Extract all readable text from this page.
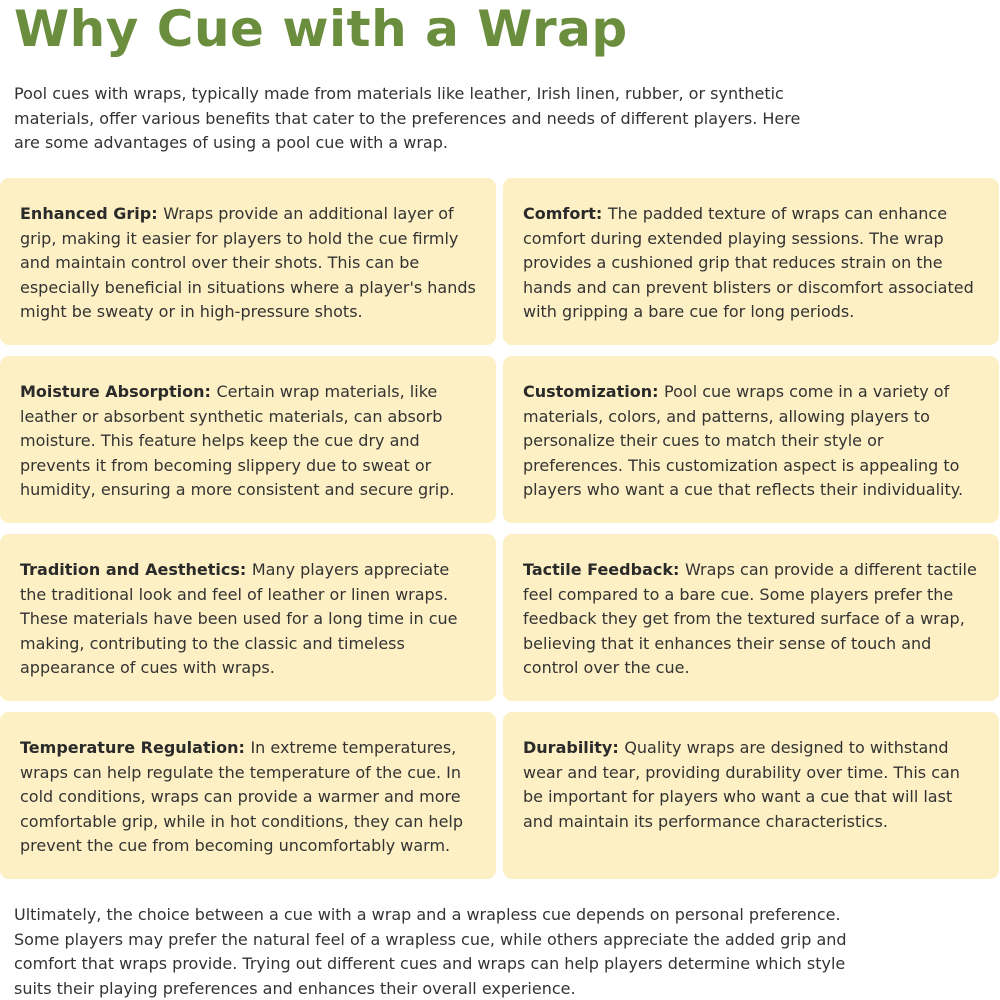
Why Cue with a Wrap

Pool cues with wraps, typically made from materials like leather, Irish linen, rubber, or synthetic materials, offer various benefits that cater to the preferences and needs of different players. Here are some advantages of using a pool cue with a wrap.

Enhanced Grip: Wraps provide an additional layer of grip, making it easier for players to hold the cue firmly and maintain control over their shots. This can be especially beneficial in situations where a player's hands might be sweaty or in high-pressure shots.
Comfort: The padded texture of wraps can enhance comfort during extended playing sessions. The wrap provides a cushioned grip that reduces strain on the hands and can prevent blisters or discomfort associated with gripping a bare cue for long periods.
Moisture Absorption: Certain wrap materials, like leather or absorbent synthetic materials, can absorb moisture. This feature helps keep the cue dry and prevents it from becoming slippery due to sweat or humidity, ensuring a more consistent and secure grip.
Customization: Pool cue wraps come in a variety of materials, colors, and patterns, allowing players to personalize their cues to match their style or preferences. This customization aspect is appealing to players who want a cue that reflects their individuality.
Tradition and Aesthetics: Many players appreciate the traditional look and feel of leather or linen wraps. These materials have been used for a long time in cue making, contributing to the classic and timeless appearance of cues with wraps.
Tactile Feedback: Wraps can provide a different tactile feel compared to a bare cue. Some players prefer the feedback they get from the textured surface of a wrap, believing that it enhances their sense of touch and control over the cue.
Temperature Regulation: In extreme temperatures, wraps can help regulate the temperature of the cue. In cold conditions, wraps can provide a warmer and more comfortable grip, while in hot conditions, they can help prevent the cue from becoming uncomfortably warm.
Durability: Quality wraps are designed to withstand wear and tear, providing durability over time. This can be important for players who want a cue that will last and maintain its performance characteristics.

Ultimately, the choice between a cue with a wrap and a wrapless cue depends on personal preference. Some players may prefer the natural feel of a wrapless cue, while others appreciate the added grip and comfort that wraps provide. Trying out different cues and wraps can help players determine which style suits their playing preferences and enhances their overall experience.
